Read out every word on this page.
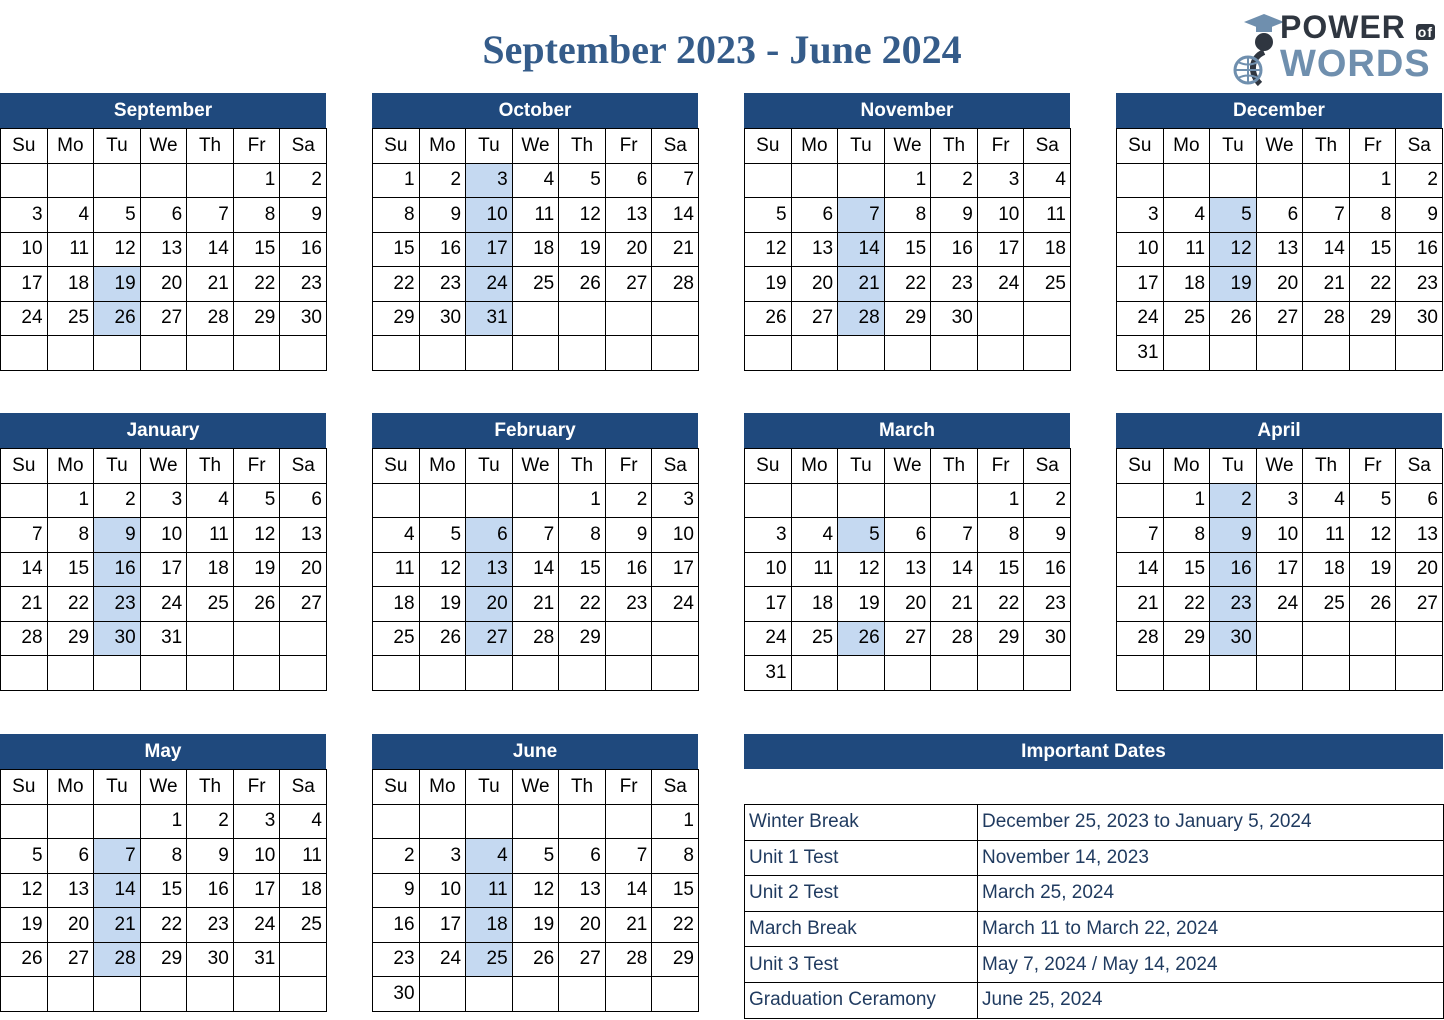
September 2023 - June 2024	POWER $^{of}$
WORDS
September
Su	Mo	Tu	We	Th	Fr	Sa
					1	2
3	4	5	6	7	8	9
10	11	12	13	14	15	16
17	18	19	20	21	22	23
24	25	26	27	28	29	30

October
Su	Mo	Tu	We	Th	Fr	Sa
1	2	3	4	5	6	7
8	9	10	11	12	13	14
15	16	17	18	19	20	21
22	23	24	25	26	27	28
29	30	31				

November
Su	Mo	Tu	We	Th	Fr	Sa
			1	2	3	4
5	6	7	8	9	10	11
12	13	14	15	16	17	18
19	20	21	22	23	24	25
26	27	28	29	30		

December
Su	Mo	Tu	We	Th	Fr	Sa
					1	2
3	4	5	6	7	8	9
10	11	12	13	14	15	16
17	18	19	20	21	22	23
24	25	26	27	28	29	30
31						
January
Su	Mo	Tu	We	Th	Fr	Sa
	1	2	3	4	5	6
7	8	9	10	11	12	13
14	15	16	17	18	19	20
21	22	23	24	25	26	27
28	29	30	31			

February
Su	Mo	Tu	We	Th	Fr	Sa
				1	2	3
4	5	6	7	8	9	10
11	12	13	14	15	16	17
18	19	20	21	22	23	24
25	26	27	28	29		

March
Su	Mo	Tu	We	Th	Fr	Sa
					1	2
3	4	5	6	7	8	9
10	11	12	13	14	15	16
17	18	19	20	21	22	23
24	25	26	27	28	29	30
31						
April
Su	Mo	Tu	We	Th	Fr	Sa
	1	2	3	4	5	6
7	8	9	10	11	12	13
14	15	16	17	18	19	20
21	22	23	24	25	26	27
28	29	30				

May
Su	Mo	Tu	We	Th	Fr	Sa
			1	2	3	4
5	6	7	8	9	10	11
12	13	14	15	16	17	18
19	20	21	22	23	24	25
26	27	28	29	30	31	

June
Su	Mo	Tu	We	Th	Fr	Sa
						1
2	3	4	5	6	7	8
9	10	11	12	13	14	15
16	17	18	19	20	21	22
23	24	25	26	27	28	29
30						
Important Dates
Winter Break	December 25, 2023 to January 5, 2024
Unit 1 Test	November 14, 2023
Unit 2 Test	March 25, 2024
March Break	March 11 to March 22, 2024
Unit 3 Test	May 7, 2024 / May 14, 2024
Graduation Ceramony	June 25, 2024
